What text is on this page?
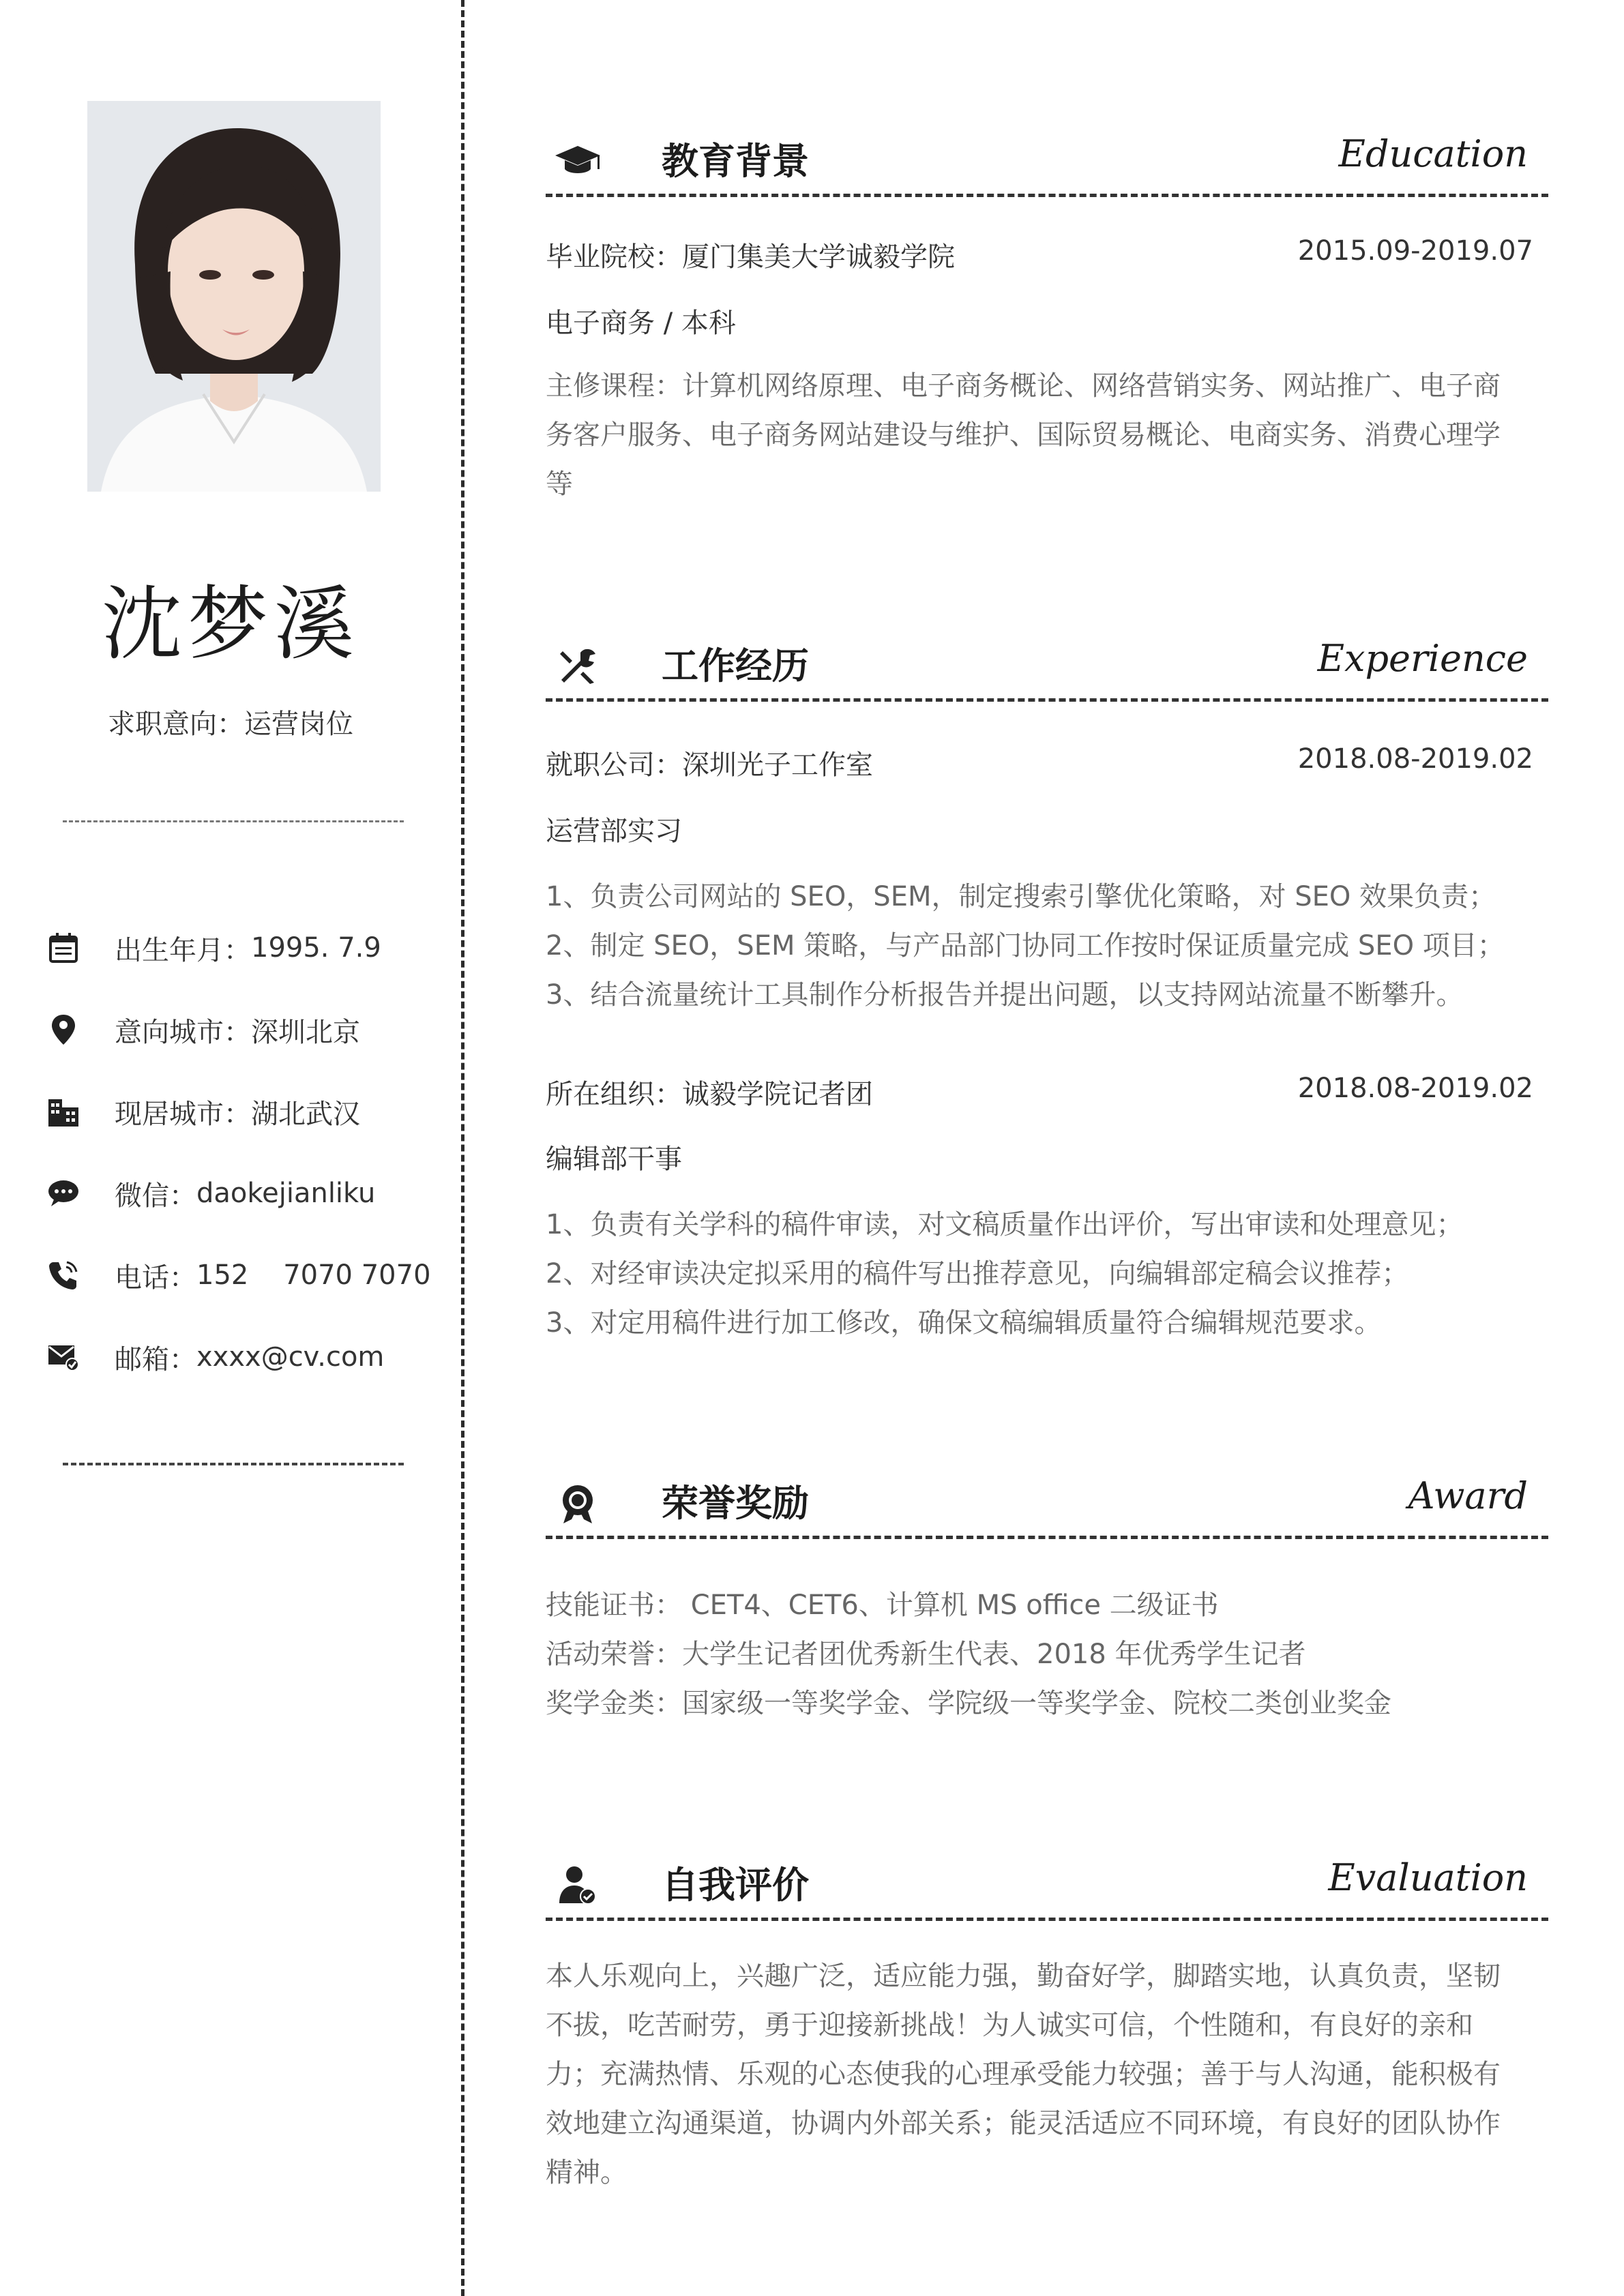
沈梦溪
求职意向：运营岗位
出生年月： 1995. 7.9
意向城市： 深圳北京
现居城市： 湖北武汉
微信： daokejianliku
电话： 152    7070 7070
邮箱： xxxx@cv.com
教育背景	Education
毕业院校：厦门集美大学诚毅学院	2015.09-2019.07
电子商务 / 本科
主修课程：计算机网络原理、电子商务概论、网络营销实务、网站推广、电子商务客户服务、电子商务网站建设与维护、国际贸易概论、电商实务、消费心理学等
工作经历	Experience
就职公司：深圳光子工作室	2018.08-2019.02
运营部实习
1、负责公司网站的 SEO，SEM，制定搜索引擎优化策略，对 SEO 效果负责；
2、制定 SEO，SEM 策略，与产品部门协同工作按时保证质量完成 SEO 项目；
3、结合流量统计工具制作分析报告并提出问题，以支持网站流量不断攀升。
所在组织：诚毅学院记者团	2018.08-2019.02
编辑部干事
1、负责有关学科的稿件审读，对文稿质量作出评价，写出审读和处理意见；
2、对经审读决定拟采用的稿件写出推荐意见，向编辑部定稿会议推荐；
3、对定用稿件进行加工修改，确保文稿编辑质量符合编辑规范要求。
荣誉奖励	Award
技能证书： CET4、CET6、计算机 MS office 二级证书
活动荣誉：大学生记者团优秀新生代表、2018 年优秀学生记者
奖学金类：国家级一等奖学金、学院级一等奖学金、院校二类创业奖金
自我评价	Evaluation
本人乐观向上，兴趣广泛，适应能力强，勤奋好学，脚踏实地，认真负责，坚韧不拔，吃苦耐劳，勇于迎接新挑战！为人诚实可信，个性随和，有良好的亲和力；充满热情、乐观的心态使我的心理承受能力较强；善于与人沟通，能积极有效地建立沟通渠道，协调内外部关系；能灵活适应不同环境，有良好的团队协作精神。
